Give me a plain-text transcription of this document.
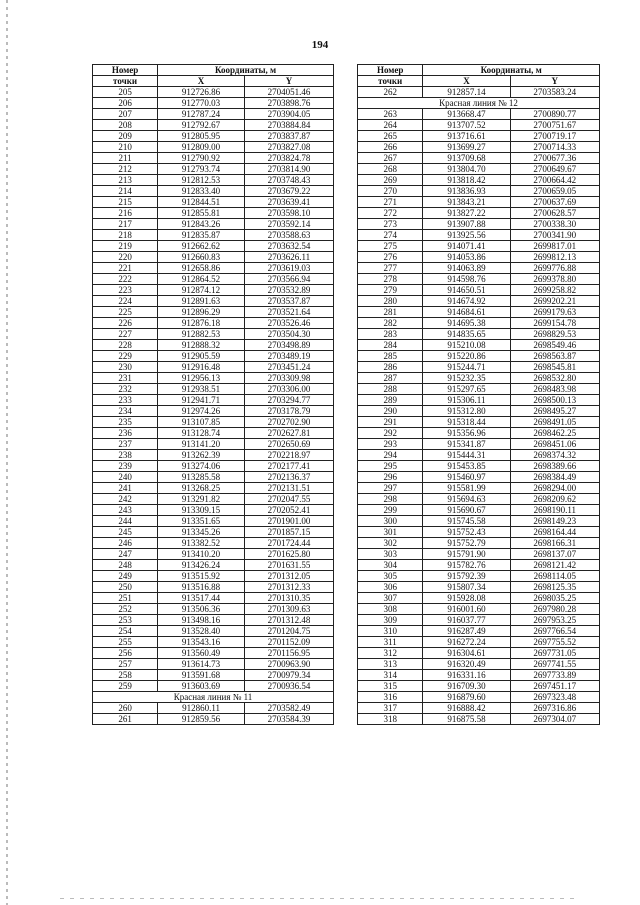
194
Номер	Координаты, м	
точки	X	Y
205	912726.86	2704051.46
206	912770.03	2703898.76
207	912787.24	2703904.05
208	912792.67	2703884.84
209	912805.95	2703837.87
210	912809.00	2703827.08
211	912790.92	2703824.78
212	912793.74	2703814.90
213	912812.53	2703748.43
214	912833.40	2703679.22
215	912844.51	2703639.41
216	912855.81	2703598.10
217	912843.26	2703592.14
218	912835.87	2703588.63
219	912662.62	2703632.54
220	912660.83	2703626.11
221	912658.86	2703619.03
222	912864.52	2703566.94
223	912874.12	2703532.89
224	912891.63	2703537.87
225	912896.29	2703521.64
226	912876.18	2703526.46
227	912882.53	2703504.30
228	912888.32	2703498.89
229	912905.59	2703489.19
230	912916.48	2703451.24
231	912956.13	2703309.98
232	912938.51	2703306.00
233	912941.71	2703294.77
234	912974.26	2703178.79
235	913107.85	2702702.90
236	913128.74	2702627.81
237	913141.20	2702650.69
238	913262.39	2702218.97
239	913274.06	2702177.41
240	913285.58	2702136.37
241	913268.25	2702131.51
242	913291.82	2702047.55
243	913309.15	2702052.41
244	913351.65	2701901.00
245	913345.26	2701857.15
246	913382.52	2701724.44
247	913410.20	2701625.80
248	913426.24	2701631.55
249	913515.92	2701312.05
250	913516.88	2701312.33
251	913517.44	2701310.35
252	913506.36	2701309.63
253	913498.16	2701312.48
254	913528.40	2701204.75
255	913543.16	2701152.09
256	913560.49	2701156.95
257	913614.73	2700963.90
258	913591.68	2700979.34
259	913603.69	2700936.54
Красная линия № 11		
260	912860.11	2703582.49
261	912859.56	2703584.39
Номер	Координаты, м	
точки	X	Y
262	912857.14	2703583.24
Красная линия № 12		
263	913668.47	2700890.77
264	913707.52	2700751.67
265	913716.61	2700719.17
266	913699.27	2700714.33
267	913709.68	2700677.36
268	913804.70	2700649.67
269	913818.42	2700664.42
270	913836.93	2700659.05
271	913843.21	2700637.69
272	913827.22	2700628.57
273	913907.88	2700338.30
274	913925.56	2700341.90
275	914071.41	2699817.01
276	914053.86	2699812.13
277	914063.89	2699776.88
278	914598.76	2699378.80
279	914650.51	2699258.82
280	914674.92	2699202.21
281	914684.61	2699179.63
282	914695.38	2699154.78
283	914835.65	2698829.53
284	915210.08	2698549.46
285	915220.86	2698563.87
286	915244.71	2698545.81
287	915232.35	2698532.80
288	915297.65	2698483.98
289	915306.11	2698500.13
290	915312.80	2698495.27
291	915318.44	2698491.05
292	915356.96	2698462.25
293	915341.87	2698451.06
294	915444.31	2698374.32
295	915453.85	2698389.66
296	915460.97	2698384.49
297	915581.99	2698294.00
298	915694.63	2698209.62
299	915690.67	2698190.11
300	915745.58	2698149.23
301	915752.43	2698164.44
302	915752.79	2698166.31
303	915791.90	2698137.07
304	915782.76	2698121.42
305	915792.39	2698114.05
306	915807.34	2698125.35
307	915928.08	2698035.25
308	916001.60	2697980.28
309	916037.77	2697953.25
310	916287.49	2697766.54
311	916272.24	2697755.52
312	916304.61	2697731.05
313	916320.49	2697741.55
314	916331.16	2697733.89
315	916709.30	2697451.17
316	916879.60	2697323.48
317	916888.42	2697316.86
318	916875.58	2697304.07
